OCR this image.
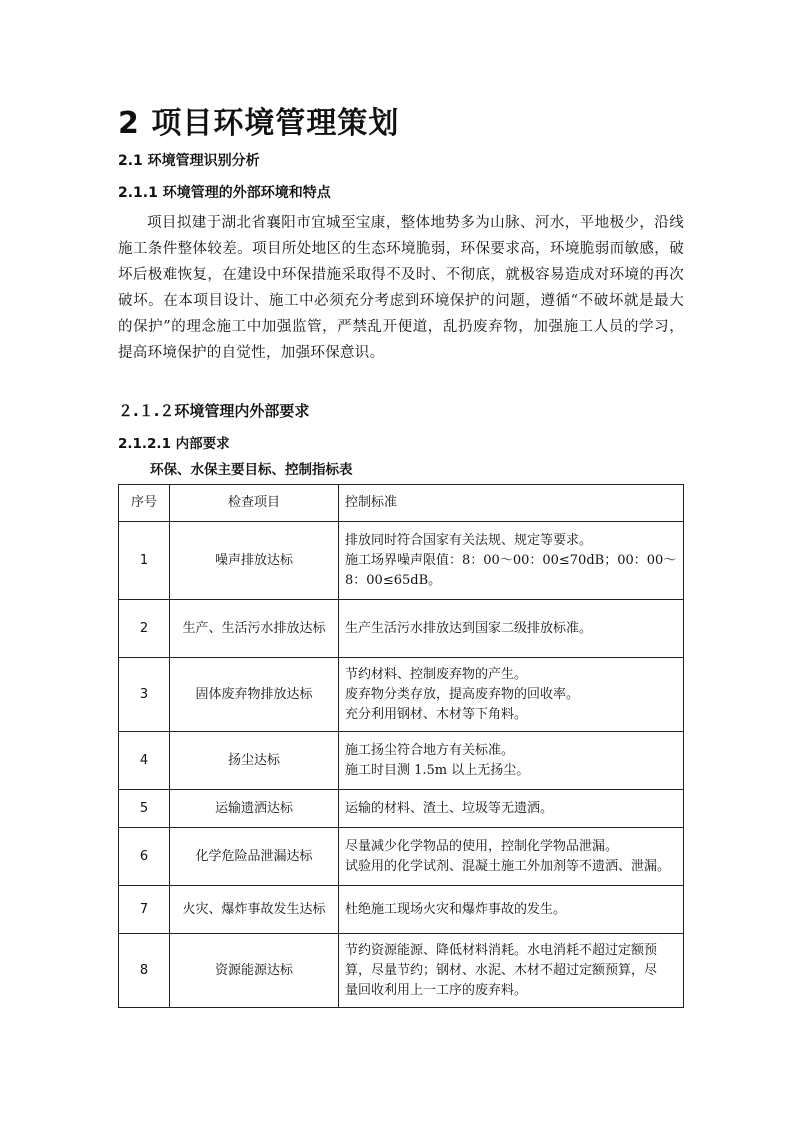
2 项目环境管理策划
2.1 环境管理识别分析
2.1.1 环境管理的外部环境和特点
项目拟建于湖北省襄阳市宜城至宝康，整体地势多为山脉、河水，平地极少，沿线施工条件整体较差。项目所处地区的生态环境脆弱，环保要求高，环境脆弱而敏感，破坏后极难恢复，在建设中环保措施采取得不及时、不彻底，就极容易造成对环境的再次破坏。在本项目设计、施工中必须充分考虑到环境保护的问题，遵循“不破坏就是最大的保护”的理念施工中加强监管，严禁乱开便道，乱扔废弃物，加强施工人员的学习，提高环境保护的自觉性，加强环保意识。
２.１.２环境管理内外部要求
2.1.2.1 内部要求
环保、水保主要目标、控制指标表
序号	检查项目	控制标准
1	噪声排放达标	排放同时符合国家有关法规、规定等要求。
施工场界噪声限值：8：00～00：00≤70dB；00：00～
8：00≤65dB。

2	生产、生活污水排放达标	生产生活污水排放达到国家二级排放标准。

3	固体废弃物排放达标	节约材料、控制废弃物的产生。
废弃物分类存放，提高废弃物的回收率。
充分利用钢材、木材等下角料。

4	扬尘达标	施工扬尘符合地方有关标准。
施工时目测 1.5m 以上无扬尘。

5	运输遗洒达标	运输的材料、渣土、垃圾等无遗洒。

6	化学危险品泄漏达标	尽量减少化学物品的使用，控制化学物品泄漏。
试验用的化学试剂、混凝土施工外加剂等不遗洒、泄漏。

7	火灾、爆炸事故发生达标	杜绝施工现场火灾和爆炸事故的发生。

8	资源能源达标	节约资源能源、降低材料消耗。水电消耗不超过定额预
算，尽量节约；钢材、水泥、木材不超过定额预算，尽
量回收利用上一工序的废弃料。
